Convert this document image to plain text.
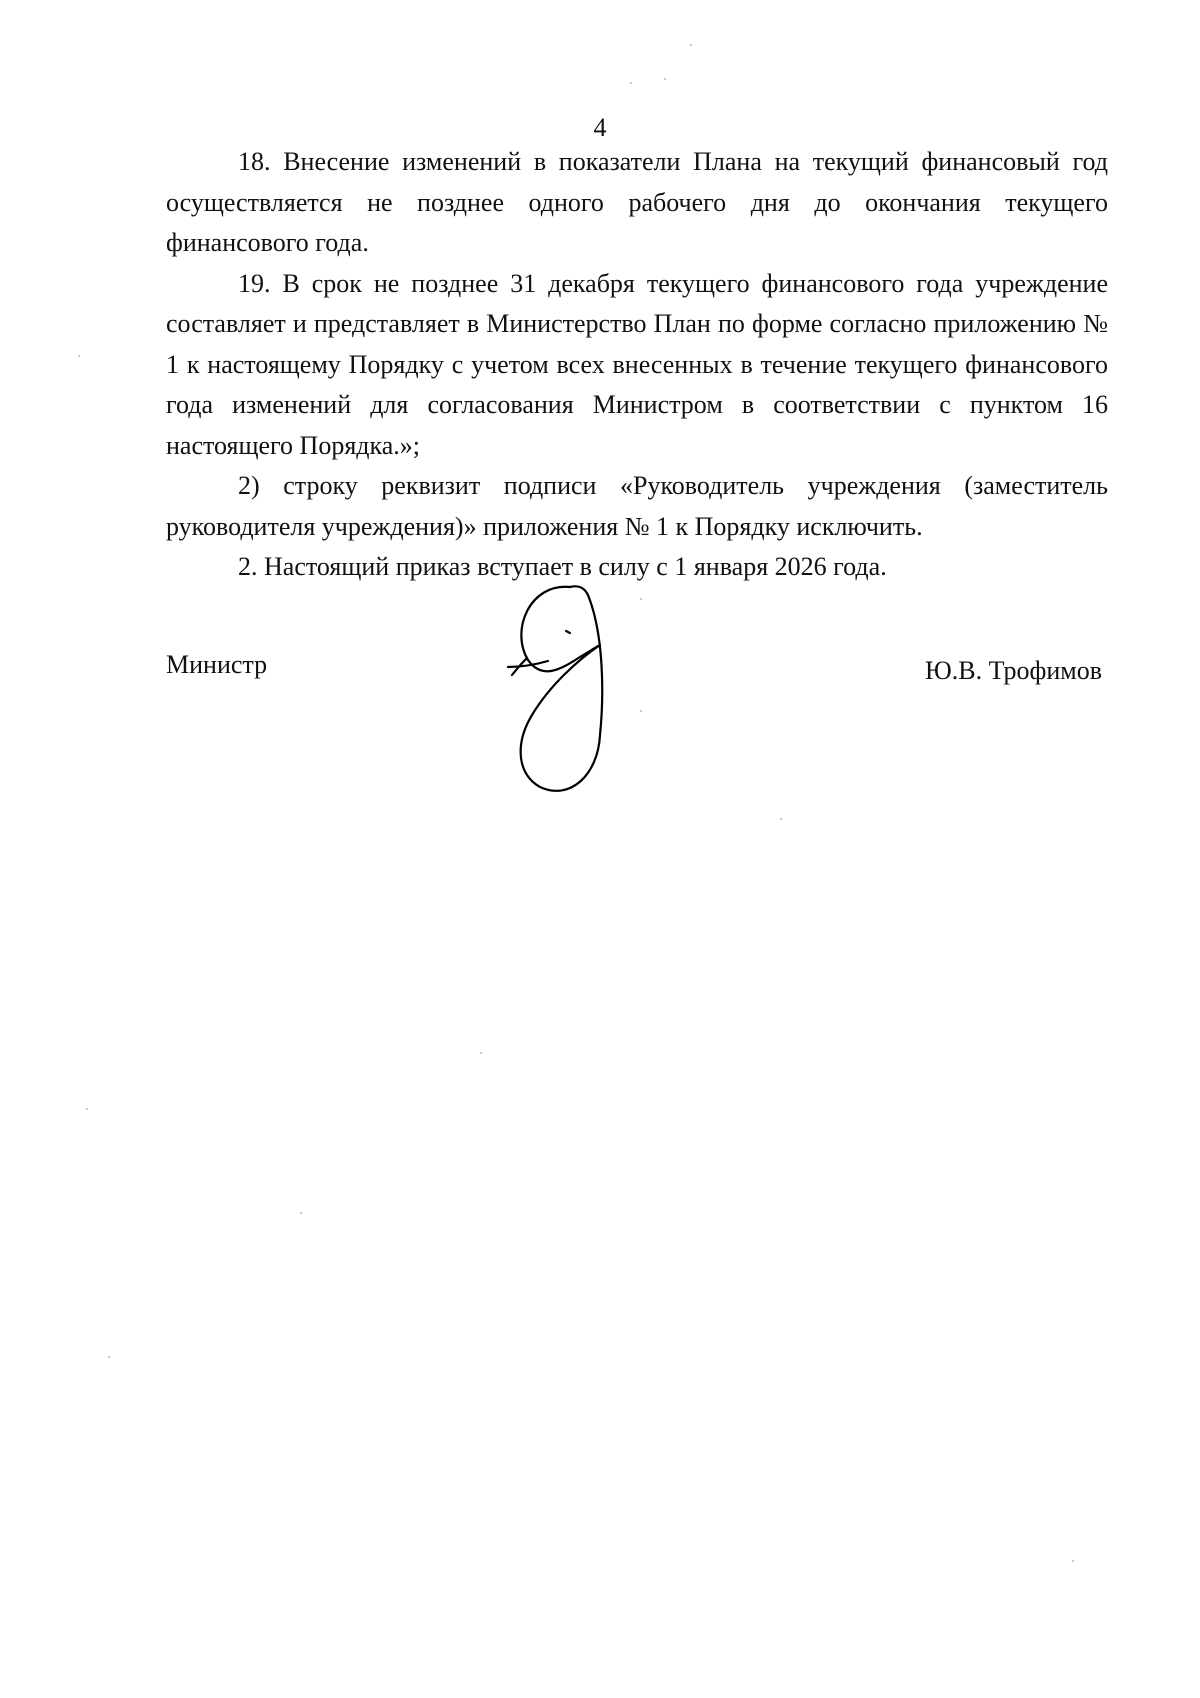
4

18. Внесение изменений в показатели Плана на текущий финансовый год осуществляется не позднее одного рабочего дня до окончания текущего финансового года.

19. В срок не позднее 31 декабря текущего финансового года учреждение составляет и представляет в Министерство План по форме согласно приложению № 1 к настоящему Порядку с учетом всех внесенных в течение текущего финансового года изменений для согласования Министром в соответствии с пунктом 16 настоящего Порядка.»;

2) строку реквизит подписи «Руководитель учреждения (заместитель руководителя учреждения)» приложения № 1 к Порядку исключить.

2. Настоящий приказ вступает в силу с 1 января 2026 года.

Министр	Ю.В. Трофимов
